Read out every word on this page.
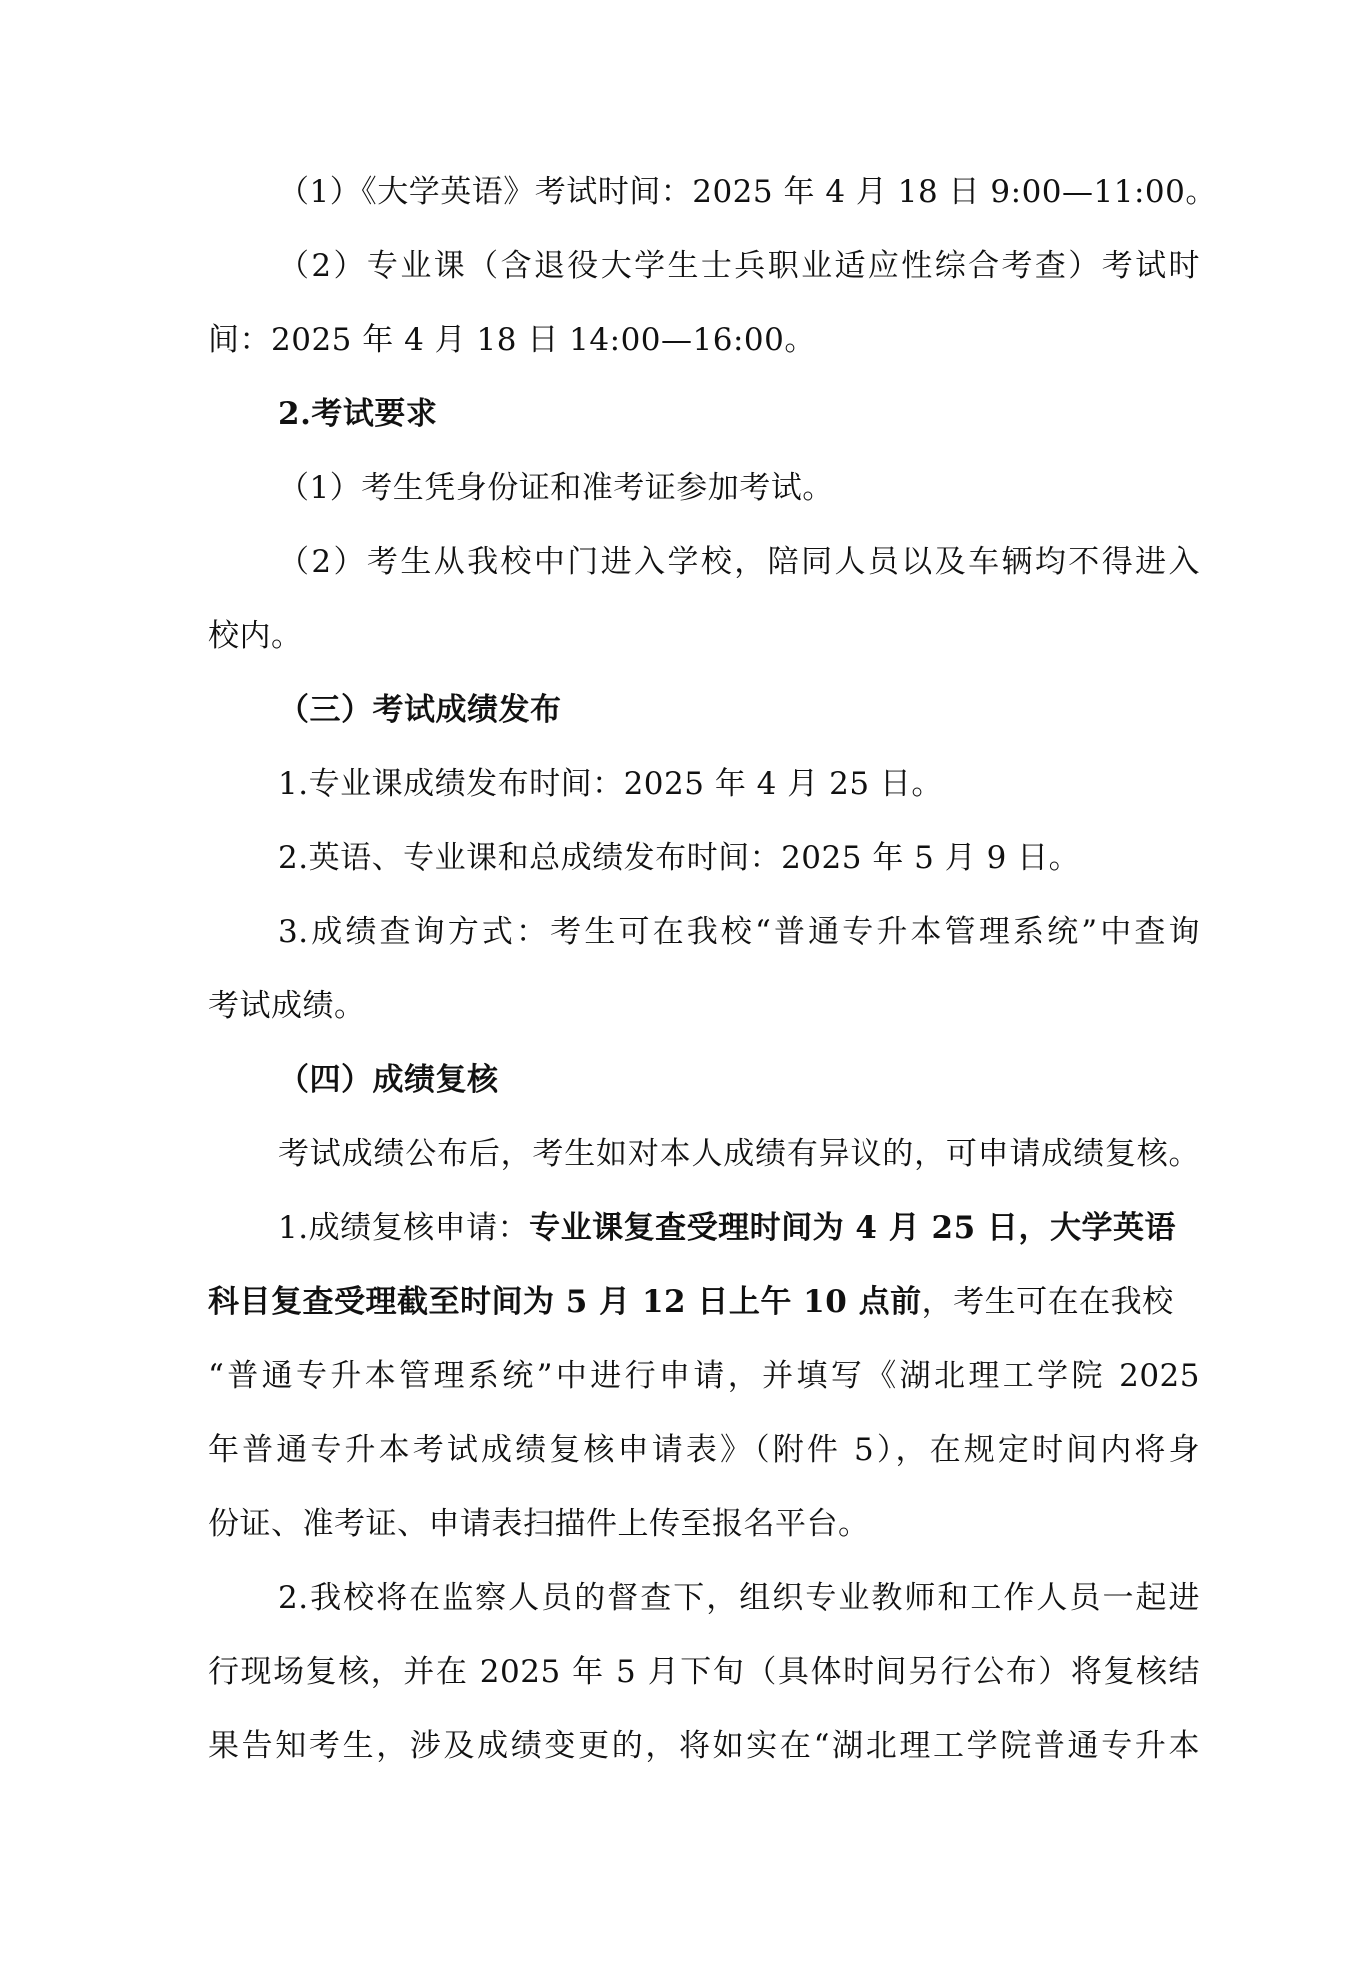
（1）《大学英语》考试时间：2025 年 4 月 18 日 9:00—11:00。
（2）专业课（含退役大学生士兵职业适应性综合考查）考试时
间：2025 年 4 月 18 日 14:00—16:00。
2.考试要求
（1）考生凭身份证和准考证参加考试。
（2）考生从我校中门进入学校，陪同人员以及车辆均不得进入
校内。
（三）考试成绩发布
1.专业课成绩发布时间：2025 年 4 月 25 日。
2.英语、专业课和总成绩发布时间：2025 年 5 月 9 日。
3.成绩查询方式：考生可在我校“普通专升本管理系统”中查询
考试成绩。
（四）成绩复核
考试成绩公布后，考生如对本人成绩有异议的，可申请成绩复核。
1.成绩复核申请：专业课复查受理时间为 4 月 25 日，大学英语
科目复查受理截至时间为 5 月 12 日上午 10 点前，考生可在在我校
“普通专升本管理系统”中进行申请，并填写《湖北理工学院 2025
年普通专升本考试成绩复核申请表》（附件 5），在规定时间内将身
份证、准考证、申请表扫描件上传至报名平台。
2.我校将在监察人员的督查下，组织专业教师和工作人员一起进
行现场复核，并在 2025 年 5 月下旬（具体时间另行公布）将复核结
果告知考生，涉及成绩变更的，将如实在“湖北理工学院普通专升本
